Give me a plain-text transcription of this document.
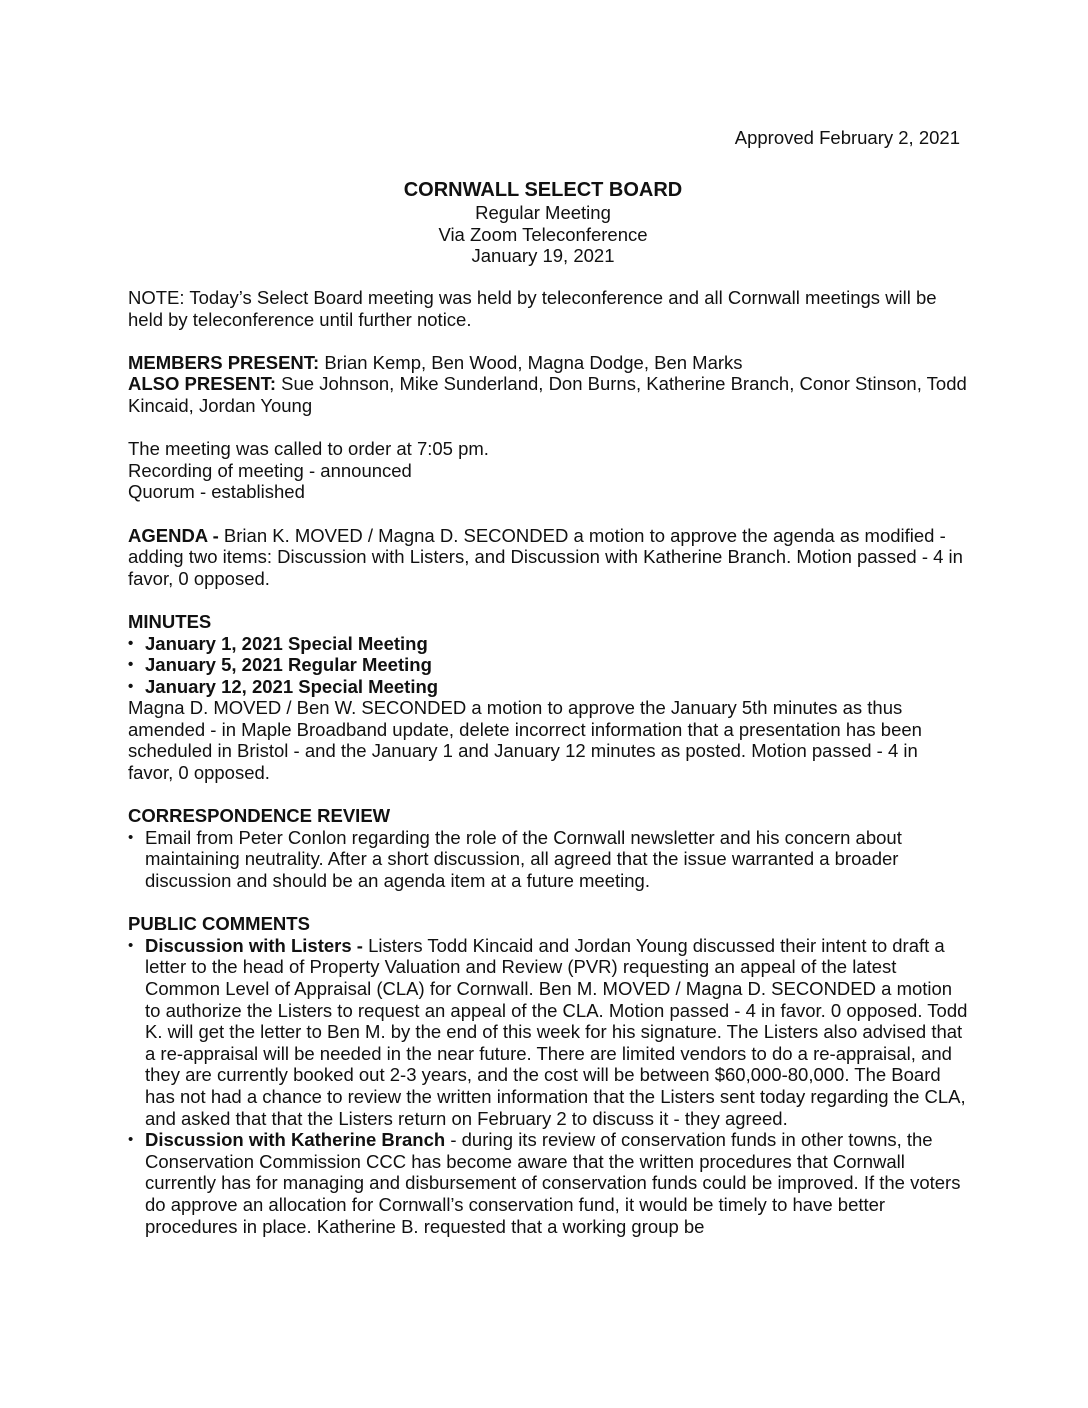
Approved February 2, 2021
CORNWALL SELECT BOARD
Regular Meeting
Via Zoom Teleconference
January 19, 2021

NOTE: Today’s Select Board meeting was held by teleconference and all Cornwall meetings will be held by teleconference until further notice.

MEMBERS PRESENT: Brian Kemp, Ben Wood, Magna Dodge, Ben Marks
ALSO PRESENT: Sue Johnson, Mike Sunderland, Don Burns, Katherine Branch, Conor Stinson, Todd Kincaid, Jordan Young

The meeting was called to order at 7:05 pm.
Recording of meeting - announced
Quorum - established

AGENDA - Brian K. MOVED / Magna D. SECONDED a motion to approve the agenda as modified - adding two items: Discussion with Listers, and Discussion with Katherine Branch. Motion passed - 4 in favor, 0 opposed.

MINUTES
• January 1, 2021 Special Meeting
• January 5, 2021 Regular Meeting
• January 12, 2021 Special Meeting

Magna D. MOVED / Ben W. SECONDED a motion to approve the January 5th minutes as thus amended - in Maple Broadband update, delete incorrect information that a presentation has been scheduled in Bristol - and the January 1 and January 12 minutes as posted. Motion passed - 4 in favor, 0 opposed.

CORRESPONDENCE REVIEW
• Email from Peter Conlon regarding the role of the Cornwall newsletter and his concern about maintaining neutrality. After a short discussion, all agreed that the issue warranted a broader discussion and should be an agenda item at a future meeting.
PUBLIC COMMENTS
• Discussion with Listers - Listers Todd Kincaid and Jordan Young discussed their intent to draft a letter to the head of Property Valuation and Review (PVR) requesting an appeal of the latest Common Level of Appraisal (CLA) for Cornwall. Ben M. MOVED / Magna D. SECONDED a motion to authorize the Listers to request an appeal of the CLA. Motion passed - 4 in favor. 0 opposed. Todd K. will get the letter to Ben M. by the end of this week for his signature. The Listers also advised that a re-appraisal will be needed in the near future. There are limited vendors to do a re-appraisal, and they are currently booked out 2-3 years, and the cost will be between $60,000-80,000. The Board has not had a chance to review the written information that the Listers sent today regarding the CLA, and asked that that the Listers return on February 2 to discuss it - they agreed.
• Discussion with Katherine Branch - during its review of conservation funds in other towns, the Conservation Commission CCC has become aware that the written procedures that Cornwall currently has for managing and disbursement of conservation funds could be improved. If the voters do approve an allocation for Cornwall’s conservation fund, it would be timely to have better procedures in place. Katherine B. requested that a working group be
